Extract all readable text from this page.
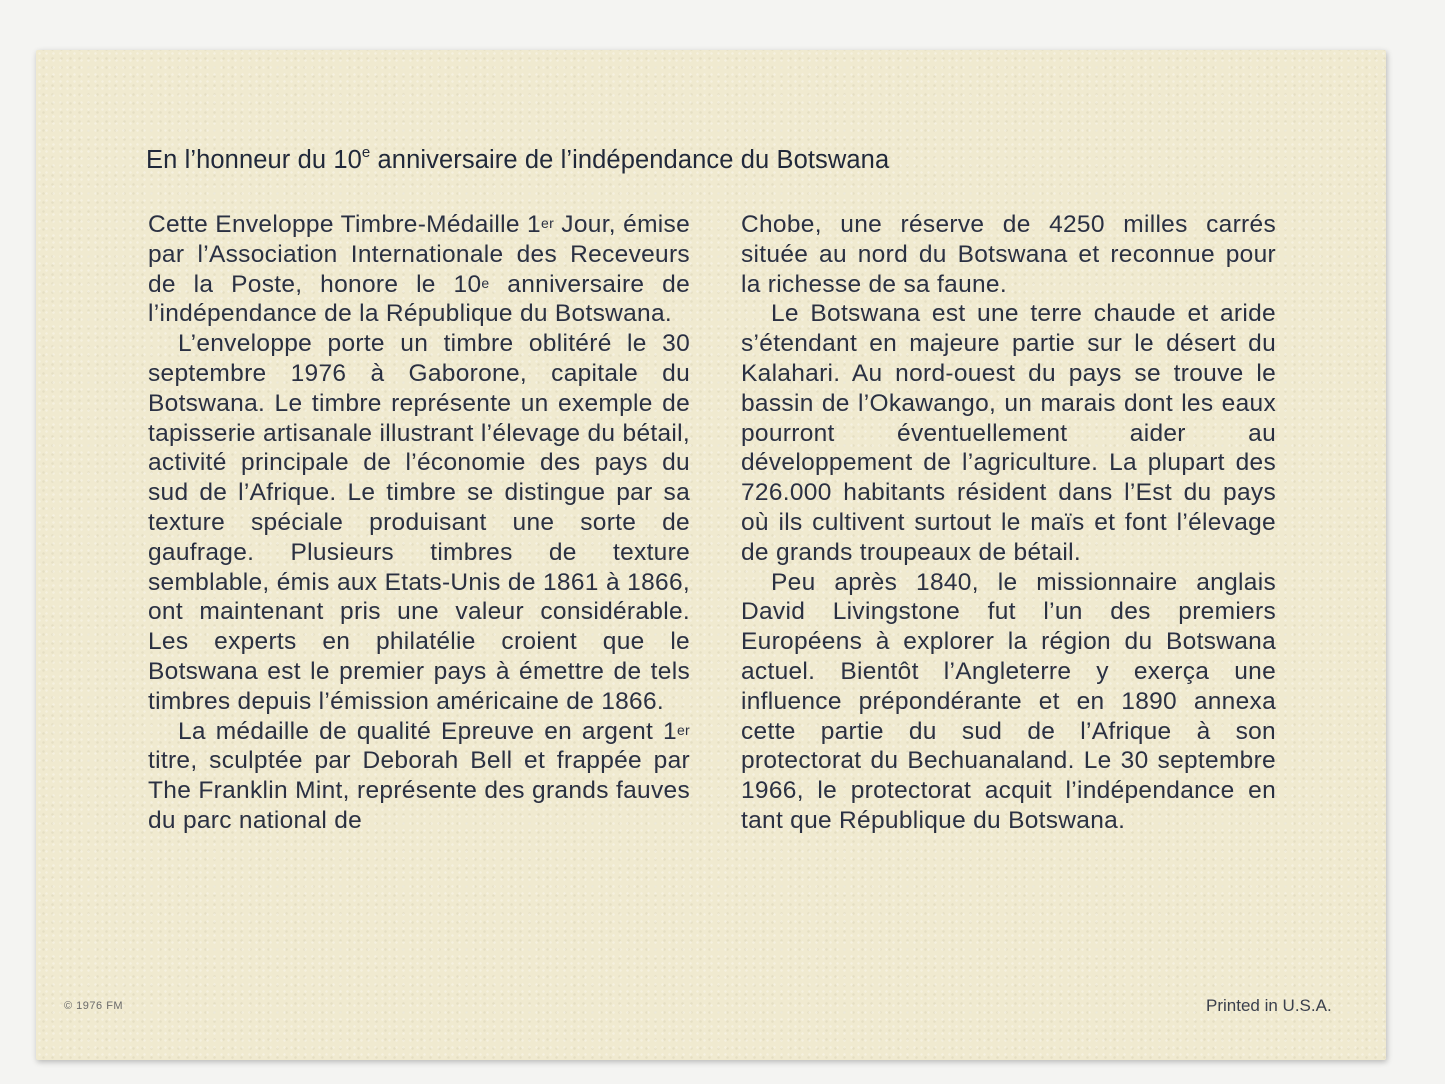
En l’honneur du 10e anniversaire de l’indépendance du Botswana

Cette Enveloppe Timbre-Médaille 1er Jour, émise par l’Association Internationale des Receveurs de la Poste, honore le 10e anniversaire de l’indépendance de la République du Botswana.

L’enveloppe porte un timbre oblitéré le 30 septembre 1976 à Gaborone, capitale du Botswana. Le timbre représente un exemple de tapisserie artisanale illustrant l’élevage du bétail, activité principale de l’économie des pays du sud de l’Afrique. Le timbre se distingue par sa texture spéciale produisant une sorte de gaufrage. Plusieurs timbres de texture semblable, émis aux Etats-Unis de 1861 à 1866, ont maintenant pris une valeur considérable. Les experts en philatélie croient que le Botswana est le premier pays à émettre de tels timbres depuis l’émission américaine de 1866.

La médaille de qualité Epreuve en argent 1er titre, sculptée par Deborah Bell et frappée par The Franklin Mint, représente des grands fauves du parc national de

Chobe, une réserve de 4250 milles carrés située au nord du Botswana et reconnue pour la richesse de sa faune.

Le Botswana est une terre chaude et aride s’étendant en majeure partie sur le désert du Kalahari. Au nord-ouest du pays se trouve le bassin de l’Okawango, un marais dont les eaux pourront éventuellement aider au développement de l’agriculture. La plupart des 726.000 habitants résident dans l’Est du pays où ils cultivent surtout le maïs et font l’élevage de grands troupeaux de bétail.

Peu après 1840, le missionnaire anglais David Livingstone fut l’un des premiers Européens à explorer la région du Botswana actuel. Bientôt l’Angleterre y exerça une influence prépondérante et en 1890 annexa cette partie du sud de l’Afrique à son protectorat du Bechuanaland. Le 30 septembre 1966, le protectorat acquit l’indépendance en tant que République du Botswana.

© 1976 FM	Printed in U.S.A.
